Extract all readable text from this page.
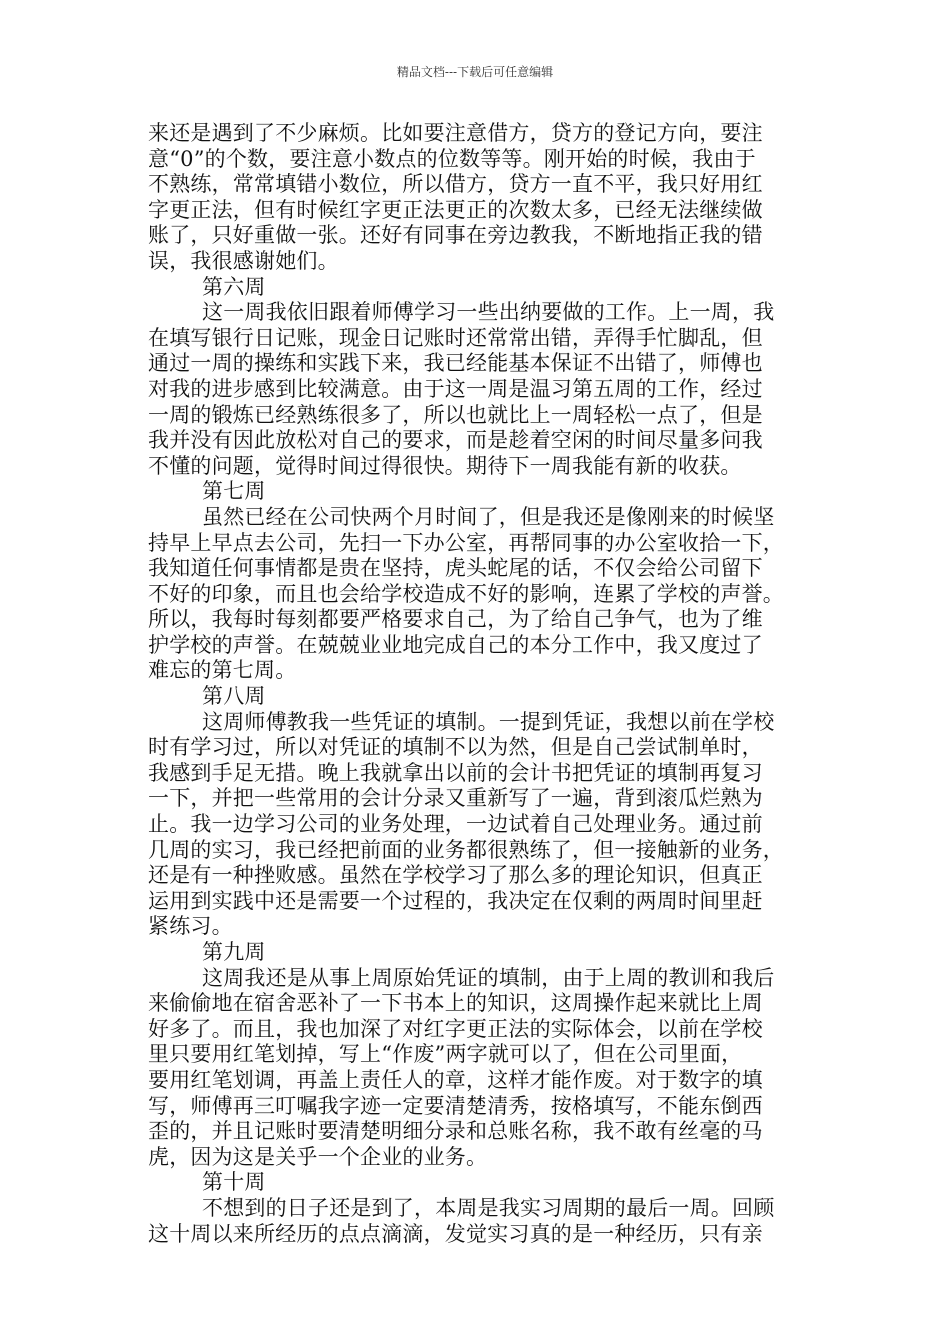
精品文档---下载后可任意编辑
来还是遇到了不少麻烦。比如要注意借方，贷方的登记方向，要注
意“0”的个数，要注意小数点的位数等等。刚开始的时候，我由于
不熟练，常常填错小数位，所以借方，贷方一直不平，我只好用红
字更正法，但有时候红字更正法更正的次数太多，已经无法继续做
账了，只好重做一张。还好有同事在旁边教我，不断地指正我的错
误，我很感谢她们。
第六周
这一周我依旧跟着师傅学习一些出纳要做的工作。上一周，我
在填写银行日记账，现金日记账时还常常出错，弄得手忙脚乱，但
通过一周的操练和实践下来，我已经能基本保证不出错了，师傅也
对我的进步感到比较满意。由于这一周是温习第五周的工作，经过
一周的锻炼已经熟练很多了，所以也就比上一周轻松一点了，但是
我并没有因此放松对自己的要求，而是趁着空闲的时间尽量多问我
不懂的问题，觉得时间过得很快。期待下一周我能有新的收获。
第七周
虽然已经在公司快两个月时间了，但是我还是像刚来的时候坚
持早上早点去公司，先扫一下办公室，再帮同事的办公室收拾一下，
我知道任何事情都是贵在坚持，虎头蛇尾的话，不仅会给公司留下
不好的印象，而且也会给学校造成不好的影响，连累了学校的声誉。
所以，我每时每刻都要严格要求自己，为了给自己争气，也为了维
护学校的声誉。在兢兢业业地完成自己的本分工作中，我又度过了
难忘的第七周。
第八周
这周师傅教我一些凭证的填制。一提到凭证，我想以前在学校
时有学习过，所以对凭证的填制不以为然，但是自己尝试制单时，
我感到手足无措。晚上我就拿出以前的会计书把凭证的填制再复习
一下，并把一些常用的会计分录又重新写了一遍，背到滚瓜烂熟为
止。我一边学习公司的业务处理，一边试着自己处理业务。通过前
几周的实习，我已经把前面的业务都很熟练了，但一接触新的业务，
还是有一种挫败感。虽然在学校学习了那么多的理论知识，但真正
运用到实践中还是需要一个过程的，我决定在仅剩的两周时间里赶
紧练习。
第九周
这周我还是从事上周原始凭证的填制，由于上周的教训和我后
来偷偷地在宿舍恶补了一下书本上的知识，这周操作起来就比上周
好多了。而且，我也加深了对红字更正法的实际体会，以前在学校
里只要用红笔划掉，写上“作废”两字就可以了，但在公司里面，
要用红笔划调，再盖上责任人的章，这样才能作废。对于数字的填
写，师傅再三叮嘱我字迹一定要清楚清秀，按格填写，不能东倒西
歪的，并且记账时要清楚明细分录和总账名称，我不敢有丝毫的马
虎，因为这是关乎一个企业的业务。
第十周
不想到的日子还是到了，本周是我实习周期的最后一周。回顾
这十周以来所经历的点点滴滴，发觉实习真的是一种经历，只有亲
